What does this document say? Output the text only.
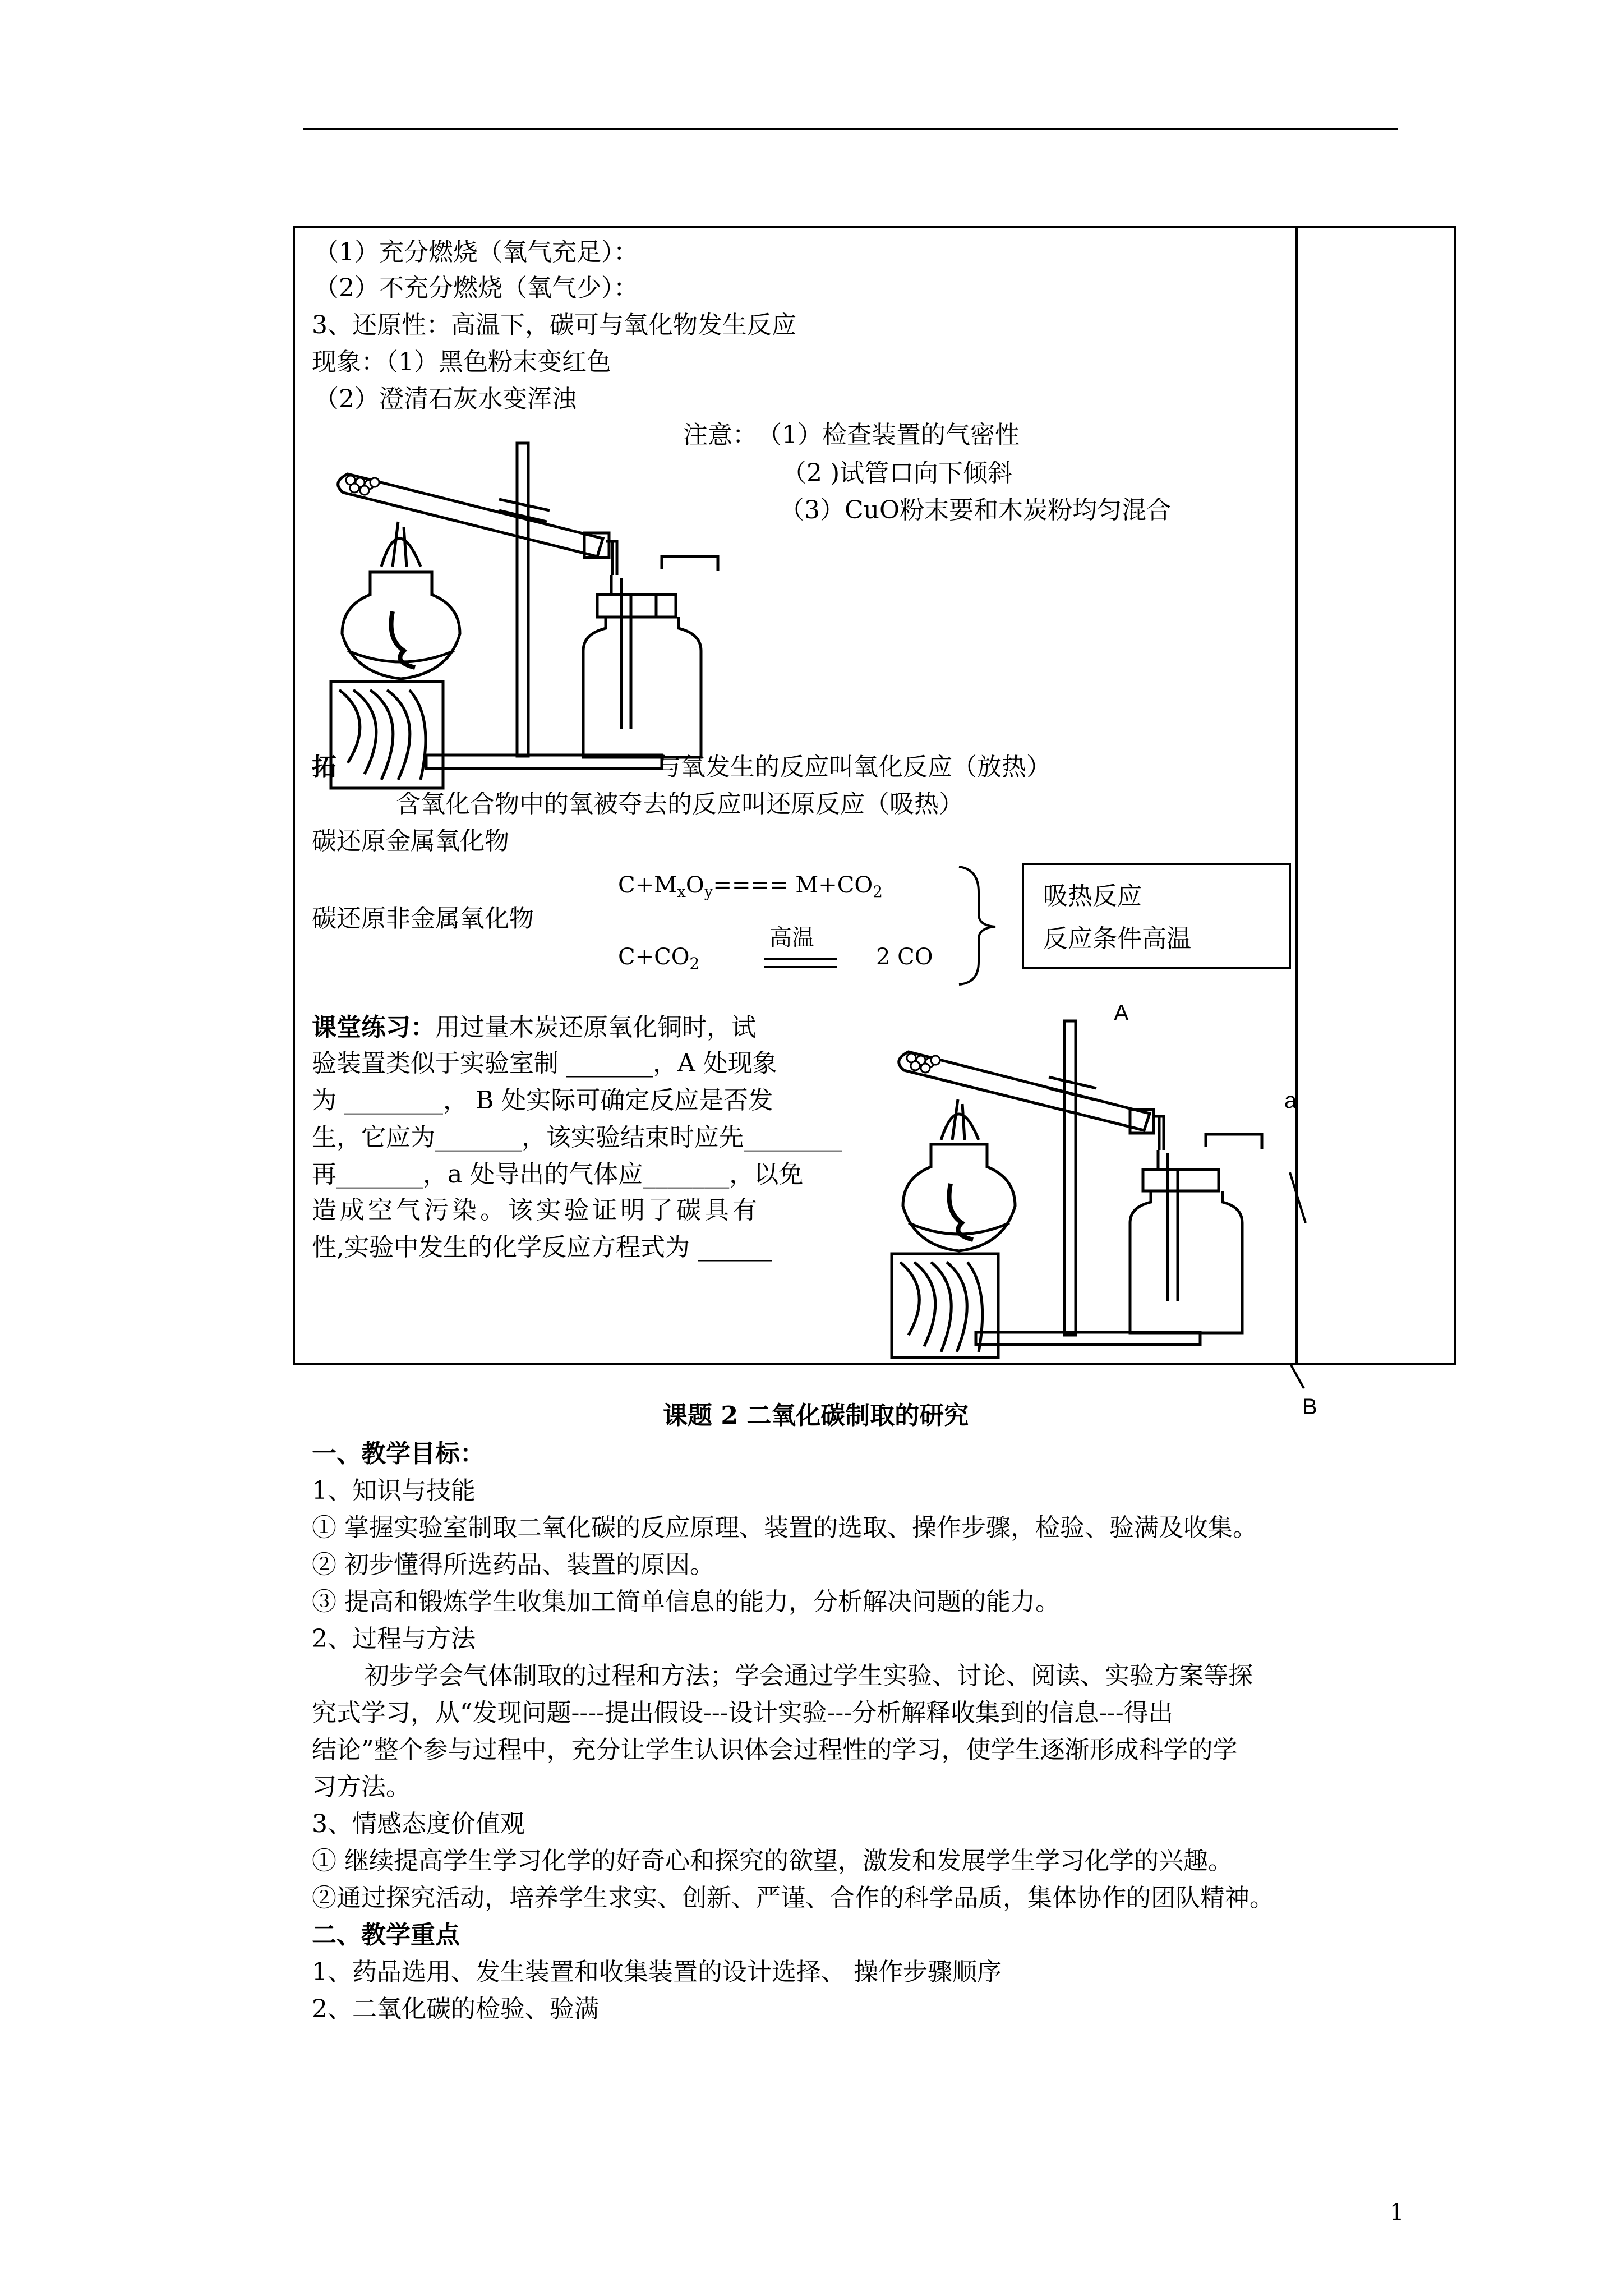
（1）充分燃烧（氧气充足）：
（2）不充分燃烧（氧气少）：
3、还原性：高温下，碳可与氧化物发生反应
现象：（1）黑色粉末变红色
（2）澄清石灰水变浑浊
注意： （1）检查装置的气密性
（2 )试管口向下倾斜
（3）CuO粉末要和木炭粉均匀混合
拓	与氧发生的反应叫氧化反应（放热）
含氧化合物中的氧被夺去的反应叫还原反应（吸热）
碳还原金属氧化物
$C+M_xO_y==== M+CO_2$
碳还原非金属氧化物
$C+CO_2$
高温
2 CO
吸热反应
反应条件高温
课堂练习：用过量木炭还原氧化铜时，试
验装置类似于实验室制 _______，A 处现象
为 ________， B 处实际可确定反应是否发
生，它应为_______，该实验结束时应先________
再_______，a 处导出的气体应_______，以免
造成空气污染。该实验证明了碳具有
性,实验中发生的化学反应方程式为 ______
A
a
B
课题 2 二氧化碳制取的研究
一、教学目标：
1、知识与技能
① 掌握实验室制取二氧化碳的反应原理、装置的选取、操作步骤，检验、验满及收集。
② 初步懂得所选药品、装置的原因。
③ 提高和锻炼学生收集加工简单信息的能力，分析解决问题的能力。
2、过程与方法
初步学会气体制取的过程和方法；学会通过学生实验、讨论、阅读、实验方案等探
究式学习，从“发现问题----提出假设---设计实验---分析解释收集到的信息---得出
结论”整个参与过程中，充分让学生认识体会过程性的学习，使学生逐渐形成科学的学
习方法。
3、情感态度价值观
① 继续提高学生学习化学的好奇心和探究的欲望，激发和发展学生学习化学的兴趣。
②通过探究活动，培养学生求实、创新、严谨、合作的科学品质，集体协作的团队精神。
二、教学重点
1、药品选用、发生装置和收集装置的设计选择、 操作步骤顺序
2、二氧化碳的检验、验满
1
